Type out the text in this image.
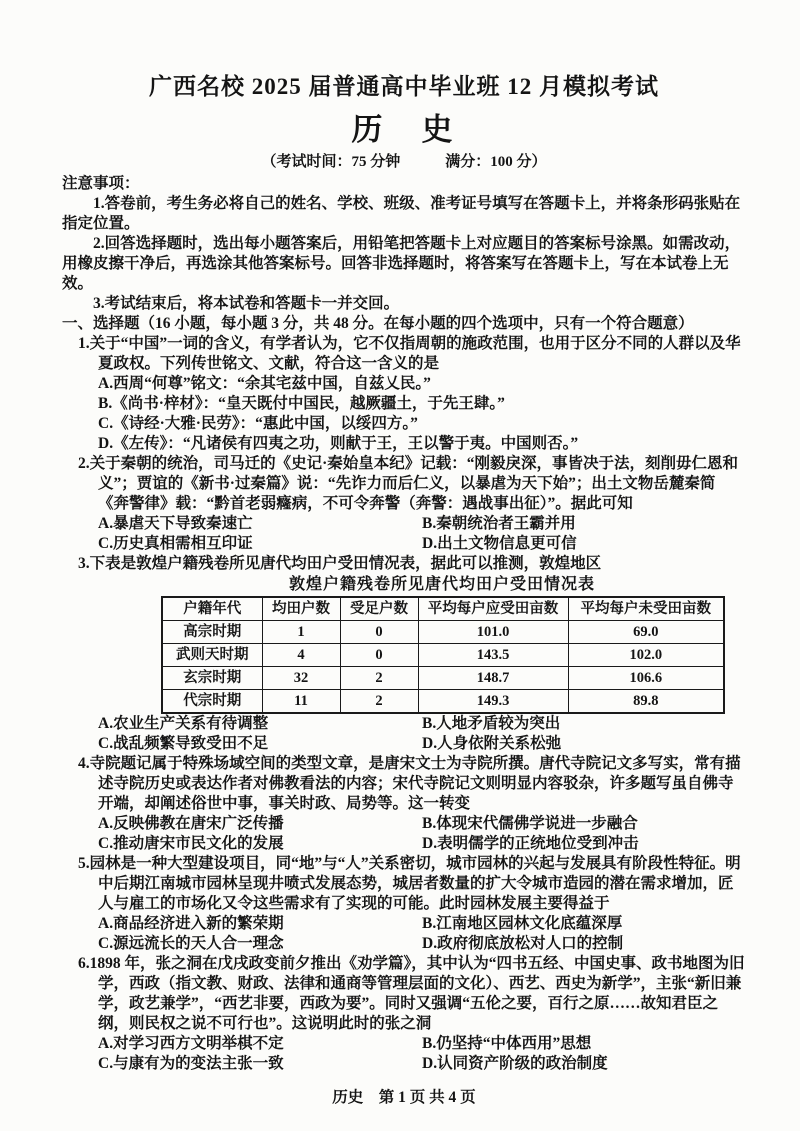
广西名校 2025 届普通高中毕业班 12 月模拟考试
历　史
（考试时间：75 分钟　　　满分：100 分）
注意事项：

1.答卷前，考生务必将自己的姓名、学校、班级、准考证号填写在答题卡上，并将条形码张贴在指定位置。

2.回答选择题时，选出每小题答案后，用铅笔把答题卡上对应题目的答案标号涂黑。如需改动，用橡皮擦干净后，再选涂其他答案标号。回答非选择题时，将答案写在答题卡上，写在本试卷上无效。

3.考试结束后，将本试卷和答题卡一并交回。

一、选择题（16 小题，每小题 3 分，共 48 分。在每小题的四个选项中，只有一个符合题意）

1.关于“中国”一词的含义，有学者认为，它不仅指周朝的施政范围，也用于区分不同的人群以及华夏政权。下列传世铭文、文献，符合这一含义的是

A.西周“何尊”铭文：“余其宅兹中国，自兹乂民。”
B.《尚书·梓材》：“皇天既付中国民，越厥疆土，于先王肆。”
C.《诗经·大雅·民劳》：“惠此中国，以绥四方。”
D.《左传》：“凡诸侯有四夷之功，则献于王，王以警于夷。中国则否。”

2.关于秦朝的统治，司马迁的《史记·秦始皇本纪》记载：“刚毅戾深，事皆决于法，刻削毋仁恩和义”；贾谊的《新书·过秦篇》说：“先诈力而后仁义，以暴虐为天下始”；出土文物岳麓秦简《奔警律》载：“黔首老弱癃病，不可令奔警（奔警：遇战事出征）”。据此可知

A.暴虐天下导致秦速亡	B.秦朝统治者王霸并用
C.历史真相需相互印证	D.出土文物信息更可信

3.下表是敦煌户籍残卷所见唐代均田户受田情况表，据此可以推测，敦煌地区

敦煌户籍残卷所见唐代均田户受田情况表
户籍年代	均田户数	受足户数	平均每户应受田亩数	平均每户未受田亩数
高宗时期	1	0	101.0	69.0
武则天时期	4	0	143.5	102.0
玄宗时期	32	2	148.7	106.6
代宗时期	11	2	149.3	89.8
A.农业生产关系有待调整	B.人地矛盾较为突出
C.战乱频繁导致受田不足	D.人身依附关系松弛

4.寺院题记属于特殊场域空间的类型文章，是唐宋文士为寺院所撰。唐代寺院记文多写实，常有描述寺院历史或表达作者对佛教看法的内容；宋代寺院记文则明显内容驳杂，许多题写虽自佛寺开端，却阐述俗世中事，事关时政、局势等。这一转变

A.反映佛教在唐宋广泛传播	B.体现宋代儒佛学说进一步融合
C.推动唐宋市民文化的发展	D.表明儒学的正统地位受到冲击

5.园林是一种大型建设项目，同“地”与“人”关系密切，城市园林的兴起与发展具有阶段性特征。明中后期江南城市园林呈现井喷式发展态势，城居者数量的扩大令城市造园的潜在需求增加，匠人与雇工的市场化又令这些需求有了实现的可能。此时园林发展主要得益于

A.商品经济进入新的繁荣期	B.江南地区园林文化底蕴深厚
C.源远流长的天人合一理念	D.政府彻底放松对人口的控制

6.1898 年，张之洞在戊戌政变前夕推出《劝学篇》，其中认为“四书五经、中国史事、政书地图为旧学，西政（指文教、财政、法律和通商等管理层面的文化）、西艺、西史为新学”，主张“新旧兼学，政艺兼学”，“西艺非要，西政为要”。同时又强调“五伦之要，百行之原……故知君臣之纲，则民权之说不可行也”。这说明此时的张之洞

A.对学习西方文明举棋不定	B.仍坚持“中体西用”思想
C.与康有为的变法主张一致	D.认同资产阶级的政治制度
历史　第 1 页 共 4 页
